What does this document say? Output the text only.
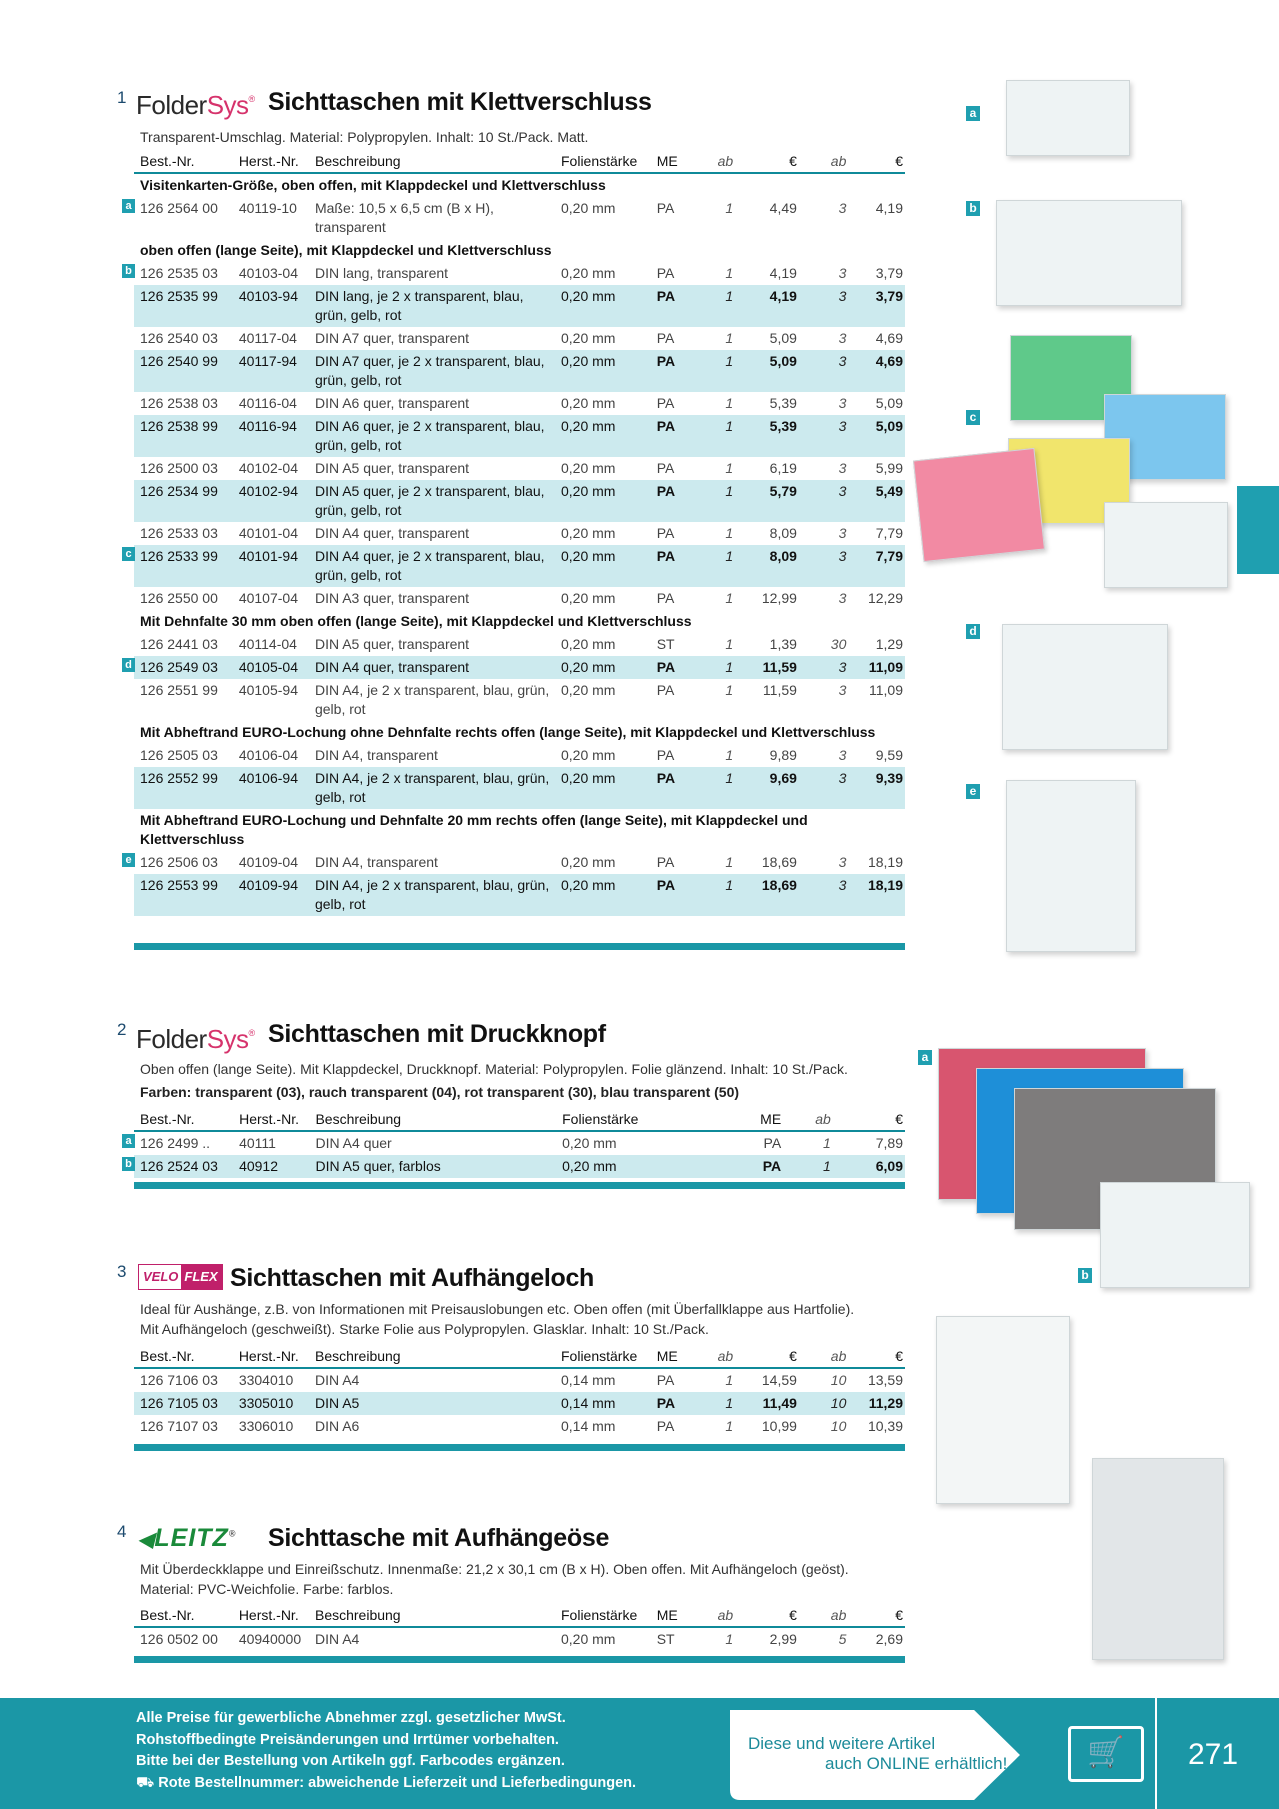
1 FolderSys® Sichttaschen mit Klettverschluss
Transparent-Umschlag. Material: Polypropylen. Inhalt: 10 St./Pack. Matt.
Best.-Nr.	Herst.-Nr.	Beschreibung	Folienstärke	ME	ab	€	ab	€
Visitenkarten-Größe, oben offen, mit Klappdeckel und Klettverschluss								

a 126 2564 00	40119-10	Maße: 10,5 x 6,5 cm (B x H), transparent	0,20 mm	PA	1	4,49	3	4,19
oben offen (lange Seite), mit Klappdeckel und Klettverschluss								

b 126 2535 03	40103-04	DIN lang, transparent	0,20 mm	PA	1	4,19	3	3,79
126 2535 99	40103-94	DIN lang, je 2 x transparent, blau, grün, gelb, rot	0,20 mm	PA	1	4,19	3	3,79
126 2540 03	40117-04	DIN A7 quer, transparent	0,20 mm	PA	1	5,09	3	4,69
126 2540 99	40117-94	DIN A7 quer, je 2 x transparent, blau, grün, gelb, rot	0,20 mm	PA	1	5,09	3	4,69
126 2538 03	40116-04	DIN A6 quer, transparent	0,20 mm	PA	1	5,39	3	5,09
126 2538 99	40116-94	DIN A6 quer, je 2 x transparent, blau, grün, gelb, rot	0,20 mm	PA	1	5,39	3	5,09
126 2500 03	40102-04	DIN A5 quer, transparent	0,20 mm	PA	1	6,19	3	5,99
126 2534 99	40102-94	DIN A5 quer, je 2 x transparent, blau, grün, gelb, rot	0,20 mm	PA	1	5,79	3	5,49
126 2533 03	40101-04	DIN A4 quer, transparent	0,20 mm	PA	1	8,09	3	7,79

c 126 2533 99	40101-94	DIN A4 quer, je 2 x transparent, blau, grün, gelb, rot	0,20 mm	PA	1	8,09	3	7,79
126 2550 00	40107-04	DIN A3 quer, transparent	0,20 mm	PA	1	12,99	3	12,29
Mit Dehnfalte 30 mm oben offen (lange Seite), mit Klappdeckel und Klettverschluss								
126 2441 03	40114-04	DIN A5 quer, transparent	0,20 mm	ST	1	1,39	30	1,29

d 126 2549 03	40105-04	DIN A4 quer, transparent	0,20 mm	PA	1	11,59	3	11,09
126 2551 99	40105-94	DIN A4, je 2 x transparent, blau, grün, gelb, rot	0,20 mm	PA	1	11,59	3	11,09
Mit Abheftrand EURO-Lochung ohne Dehnfalte rechts offen (lange Seite), mit Klappdeckel und Klettverschluss								
126 2505 03	40106-04	DIN A4, transparent	0,20 mm	PA	1	9,89	3	9,59
126 2552 99	40106-94	DIN A4, je 2 x transparent, blau, grün, gelb, rot	0,20 mm	PA	1	9,69	3	9,39
Mit Abheftrand EURO-Lochung und Dehnfalte 20 mm rechts offen (lange Seite), mit Klappdeckel und Klettverschluss								

e 126 2506 03	40109-04	DIN A4, transparent	0,20 mm	PA	1	18,69	3	18,19
126 2553 99	40109-94	DIN A4, je 2 x transparent, blau, grün, gelb, rot	0,20 mm	PA	1	18,69	3	18,19
2 FolderSys® Sichttaschen mit Druckknopf
Oben offen (lange Seite). Mit Klappdeckel, Druckknopf. Material: Polypropylen. Folie glänzend. Inhalt: 10 St./Pack.
Farben: transparent (03), rauch transparent (04), rot transparent (30), blau transparent (50)
Best.-Nr.	Herst.-Nr.	Beschreibung	Folienstärke	ME	ab	€

a 126 2499 ..	40111	DIN A4 quer	0,20 mm	PA	1	7,89

b 126 2524 03	40912	DIN A5 quer, farblos	0,20 mm	PA	1	6,09
3	VELO FLEX Sichttaschen mit Aufhängeloch
Ideal für Aushänge, z.B. von Informationen mit Preisauslobungen etc. Oben offen (mit Überfallklappe aus Hartfolie).
Mit Aufhängeloch (geschweißt). Starke Folie aus Polypropylen. Glasklar. Inhalt: 10 St./Pack.
Best.-Nr.	Herst.-Nr.	Beschreibung	Folienstärke	ME	ab	€	ab	€
126 7106 03	3304010	DIN A4	0,14 mm	PA	1	14,59	10	13,59
126 7105 03	3305010	DIN A5	0,14 mm	PA	1	11,49	10	11,29
126 7107 03	3306010	DIN A6	0,14 mm	PA	1	10,99	10	10,39
4 ◀LEITZ® Sichttasche mit Aufhängeöse
Mit Überdeckklappe und Einreißschutz. Innenmaße: 21,2 x 30,1 cm (B x H). Oben offen. Mit Aufhängeloch (geöst).
Material: PVC-Weichfolie. Farbe: farblos.
Best.-Nr.	Herst.-Nr.	Beschreibung	Folienstärke	ME	ab	€	ab	€
126 0502 00	40940000	DIN A4	0,20 mm	ST	1	2,99	5	2,69
a
b
c
d
e
a
b
Alle Preise für gewerbliche Abnehmer zzgl. gesetzlicher MwSt.
Rohstoffbedingte Preisänderungen und Irrtümer vorbehalten.
Bitte bei der Bestellung von Artikeln ggf. Farbcodes ergänzen.
⛟ Rote Bestellnummer: abweichende Lieferzeit und Lieferbedingungen.
Diese und weitere Artikel
auch ONLINE erhältlich!	🛒	271
